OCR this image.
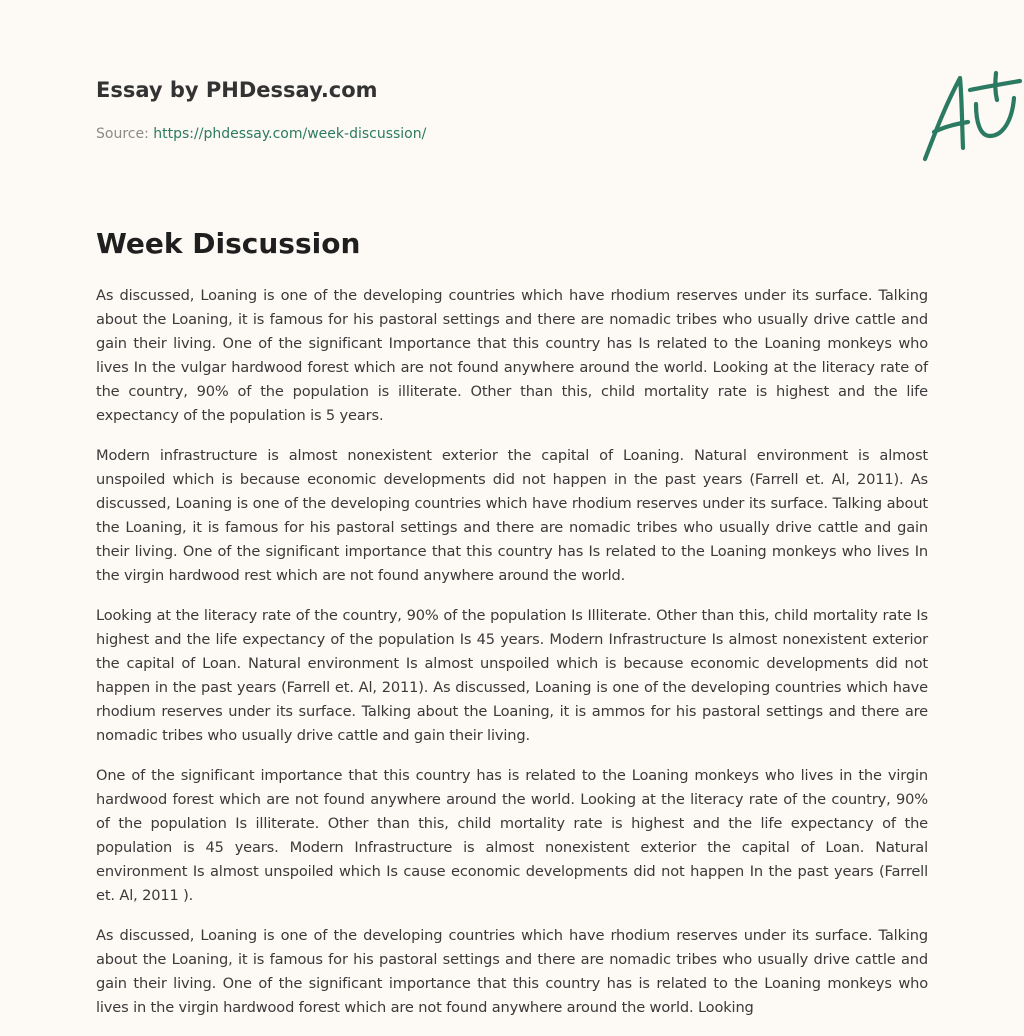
Essay by PHDessay.com

Source: https://phdessay.com/week-discussion/

Week Discussion

As discussed, Loaning is one of the developing countries which have rhodium reserves under its surface. Talking about the Loaning, it is famous for his pastoral settings and there are nomadic tribes who usually drive cattle and gain their living. One of the significant Importance that this country has Is related to the Loaning monkeys who lives In the vulgar hardwood forest which are not found anywhere around the world. Looking at the literacy rate of the country, 90% of the population is illiterate. Other than this, child mortality rate is highest and the life expectancy of the population is 5 years.

Modern infrastructure is almost nonexistent exterior the capital of Loaning. Natural environment is almost unspoiled which is because economic developments did not happen in the past years (Farrell et. Al, 2011). As discussed, Loaning is one of the developing countries which have rhodium reserves under its surface. Talking about the Loaning, it is famous for his pastoral settings and there are nomadic tribes who usually drive cattle and gain their living. One of the significant importance that this country has Is related to the Loaning monkeys who lives In the virgin hardwood rest which are not found anywhere around the world.

Looking at the literacy rate of the country, 90% of the population Is Illiterate. Other than this, child mortality rate Is highest and the life expectancy of the population Is 45 years. Modern Infrastructure Is almost nonexistent exterior the capital of Loan. Natural environment Is almost unspoiled which is because economic developments did not happen in the past years (Farrell et. Al, 2011). As discussed, Loaning is one of the developing countries which have rhodium reserves under its surface. Talking about the Loaning, it is ammos for his pastoral settings and there are nomadic tribes who usually drive cattle and gain their living.

One of the significant importance that this country has is related to the Loaning monkeys who lives in the virgin hardwood forest which are not found anywhere around the world. Looking at the literacy rate of the country, 90% of the population Is illiterate. Other than this, child mortality rate is highest and the life expectancy of the population is 45 years. Modern Infrastructure is almost nonexistent exterior the capital of Loan. Natural environment Is almost unspoiled which Is cause economic developments did not happen In the past years (Farrell et. Al, 2011 ).

As discussed, Loaning is one of the developing countries which have rhodium reserves under its surface. Talking about the Loaning, it is famous for his pastoral settings and there are nomadic tribes who usually drive cattle and gain their living. One of the significant importance that this country has is related to the Loaning monkeys who lives in the virgin hardwood forest which are not found anywhere around the world. Looking
